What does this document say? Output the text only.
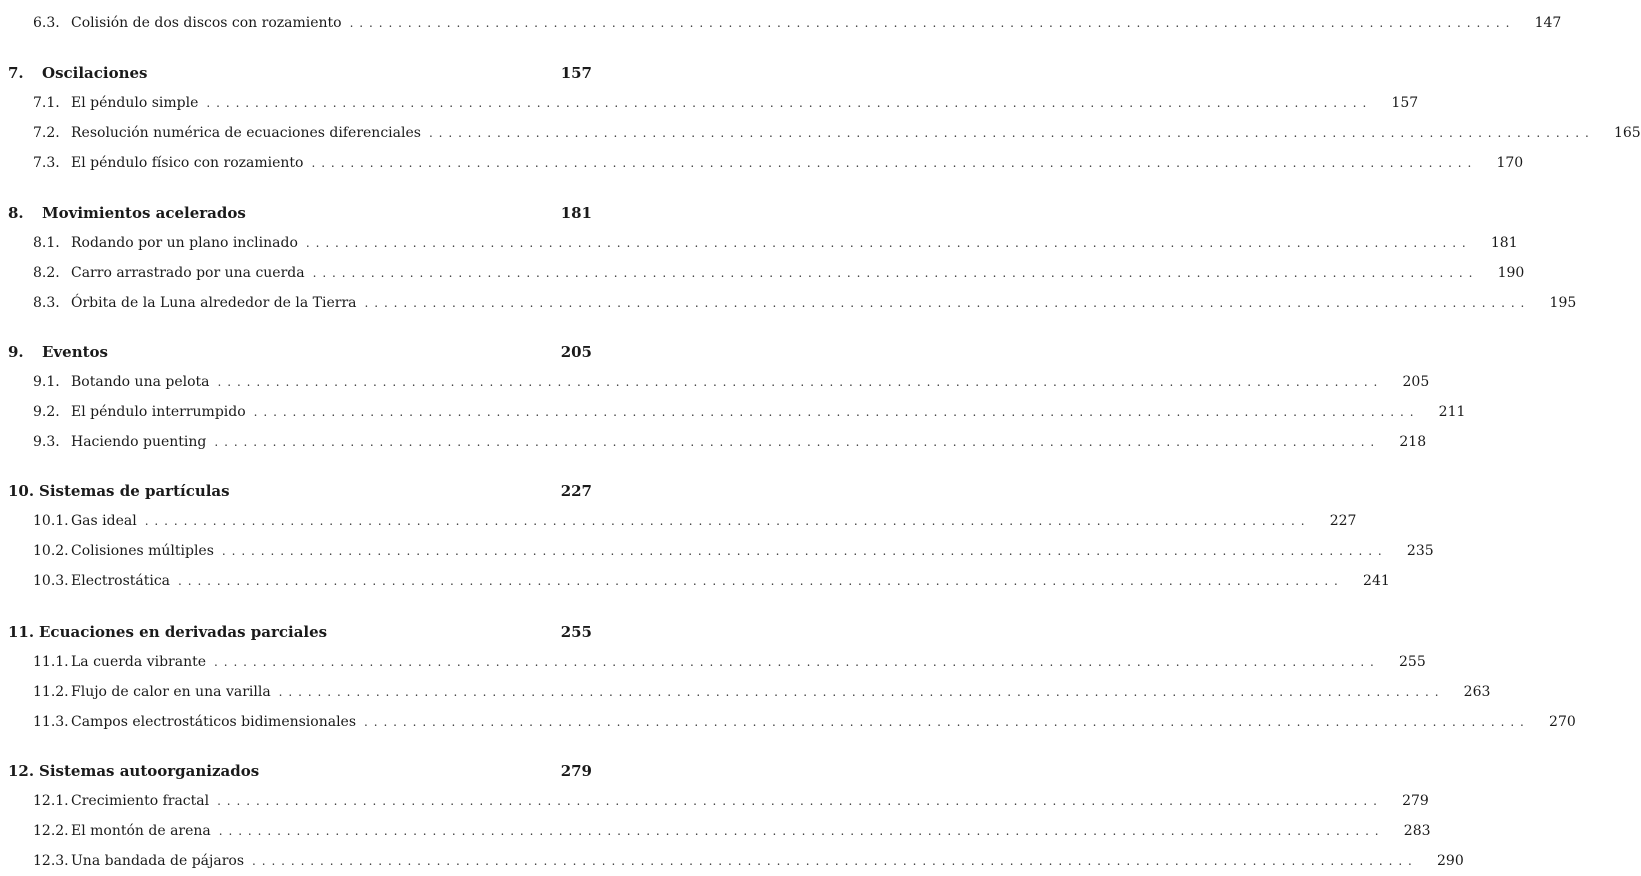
6.3. Colisión de dos discos con rozamiento ........................................................................................................................	147
7.	Oscilaciones	157
7.1. El péndulo simple ........................................................................................................................	157
7.2. Resolución numérica de ecuaciones diferenciales ........................................................................................................................	165
7.3. El péndulo físico con rozamiento ........................................................................................................................	170
8.	Movimientos acelerados	181
8.1. Rodando por un plano inclinado ........................................................................................................................	181
8.2. Carro arrastrado por una cuerda ........................................................................................................................	190
8.3. Órbita de la Luna alrededor de la Tierra ........................................................................................................................	195
9.	Eventos	205
9.1. Botando una pelota ........................................................................................................................	205
9.2. El péndulo interrumpido ........................................................................................................................	211
9.3. Haciendo puenting ........................................................................................................................	218
10. Sistemas de partículas	227
10.1. Gas ideal ........................................................................................................................	227
10.2. Colisiones múltiples ........................................................................................................................	235
10.3. Electrostática ........................................................................................................................	241
11. Ecuaciones en derivadas parciales	255
11.1. La cuerda vibrante ........................................................................................................................	255
11.2. Flujo de calor en una varilla ........................................................................................................................	263
11.3. Campos electrostáticos bidimensionales ........................................................................................................................	270
12. Sistemas autoorganizados	279
12.1. Crecimiento fractal ........................................................................................................................	279
12.2. El montón de arena ........................................................................................................................	283
12.3. Una bandada de pájaros ........................................................................................................................	290
